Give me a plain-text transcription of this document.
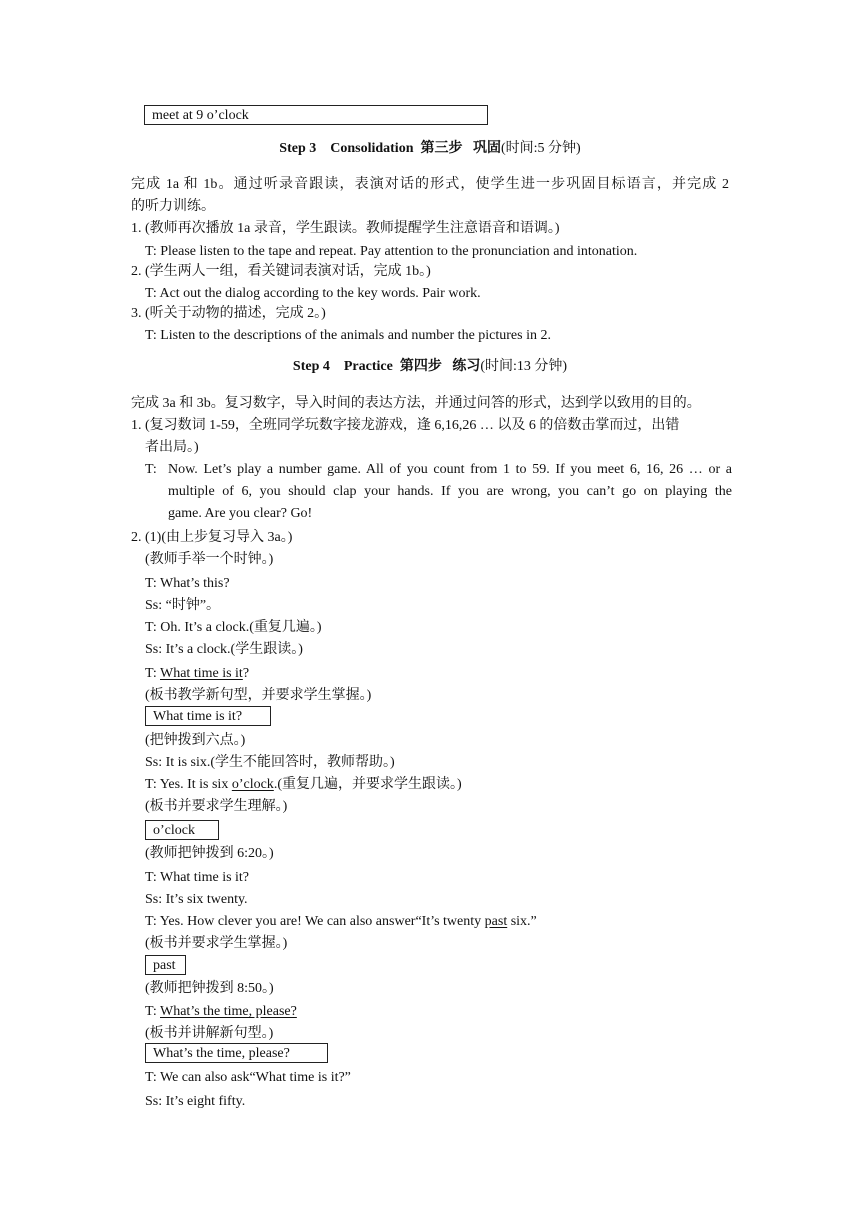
meet at 9 o’clock
Step 3 Consolidation 第三步 巩固(时间:5 分钟)
完成 1a 和 1b。通过听录音跟读，表演对话的形式，使学生进一步巩固目标语言，并完成 2
的听力训练。
1. (教师再次播放 1a 录音，学生跟读。教师提醒学生注意语音和语调。)
T: Please listen to the tape and repeat. Pay attention to the pronunciation and intonation.
2. (学生两人一组，看关键词表演对话，完成 1b。)
T: Act out the dialog according to the key words. Pair work.
3. (听关于动物的描述，完成 2。)
T: Listen to the descriptions of the animals and number the pictures in 2.
Step 4 Practice 第四步 练习(时间:13 分钟)
完成 3a 和 3b。复习数字，导入时间的表达方法，并通过问答的形式，达到学以致用的目的。
1. (复习数词 1-59，全班同学玩数字接龙游戏，逢 6,16,26 … 以及 6 的倍数击掌而过，出错
者出局。)
T: Now. Let’s play a number game. All of you count from 1 to 59. If you meet 6, 16, 26 … or a
multiple of 6, you should clap your hands. If you are wrong, you can’t go on playing the
game. Are you clear? Go!
2. (1)(由上步复习导入 3a。)
(教师手举一个时钟。)
T: What’s this?
Ss: “时钟”。
T: Oh. It’s a clock.(重复几遍。)
Ss: It’s a clock.(学生跟读。)
T: What time is it?
(板书教学新句型，并要求学生掌握。)
What time is it?
(把钟拨到六点。)
Ss: It is six.(学生不能回答时，教师帮助。)
T: Yes. It is six o’clock.(重复几遍，并要求学生跟读。)
(板书并要求学生理解。)
o’clock
(教师把钟拨到 6:20。)
T: What time is it?
Ss: It’s six twenty.
T: Yes. How clever you are! We can also answer“It’s twenty past six.”
(板书并要求学生掌握。)
past
(教师把钟拨到 8:50。)
T: What’s the time, please?
(板书并讲解新句型。)
What’s the time, please?
T: We can also ask“What time is it?”
Ss: It’s eight fifty.
